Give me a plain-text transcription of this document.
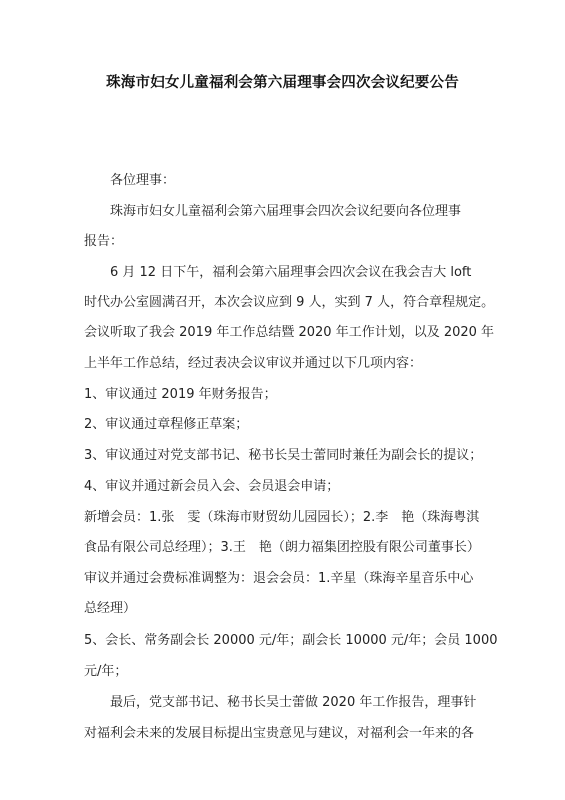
珠海市妇女儿童福利会第六届理事会四次会议纪要公告
各位理事：
珠海市妇女儿童福利会第六届理事会四次会议纪要向各位理事
报告：
6 月 12 日下午，福利会第六届理事会四次会议在我会吉大 loft
时代办公室圆满召开，本次会议应到 9 人，实到 7 人，符合章程规定。
会议听取了我会 2019 年工作总结暨 2020 年工作计划，以及 2020 年
上半年工作总结，经过表决会议审议并通过以下几项内容：
1、审议通过 2019 年财务报告；
2、审议通过章程修正草案；
3、审议通过对党支部书记、秘书长吴士蕾同时兼任为副会长的提议；
4、审议并通过新会员入会、会员退会申请；
新增会员：1.张　雯（珠海市财贸幼儿园园长）；2.李　艳（珠海粤淇
食品有限公司总经理）；3.王　艳（朗力福集团控股有限公司董事长）
审议并通过会费标准调整为：退会会员：1.辛星（珠海辛星音乐中心
总经理）
5、会长、常务副会长 20000 元/年；副会长 10000 元/年；会员 1000
元/年；
最后，党支部书记、秘书长吴士蕾做 2020 年工作报告，理事针
对福利会未来的发展目标提出宝贵意见与建议，对福利会一年来的各
